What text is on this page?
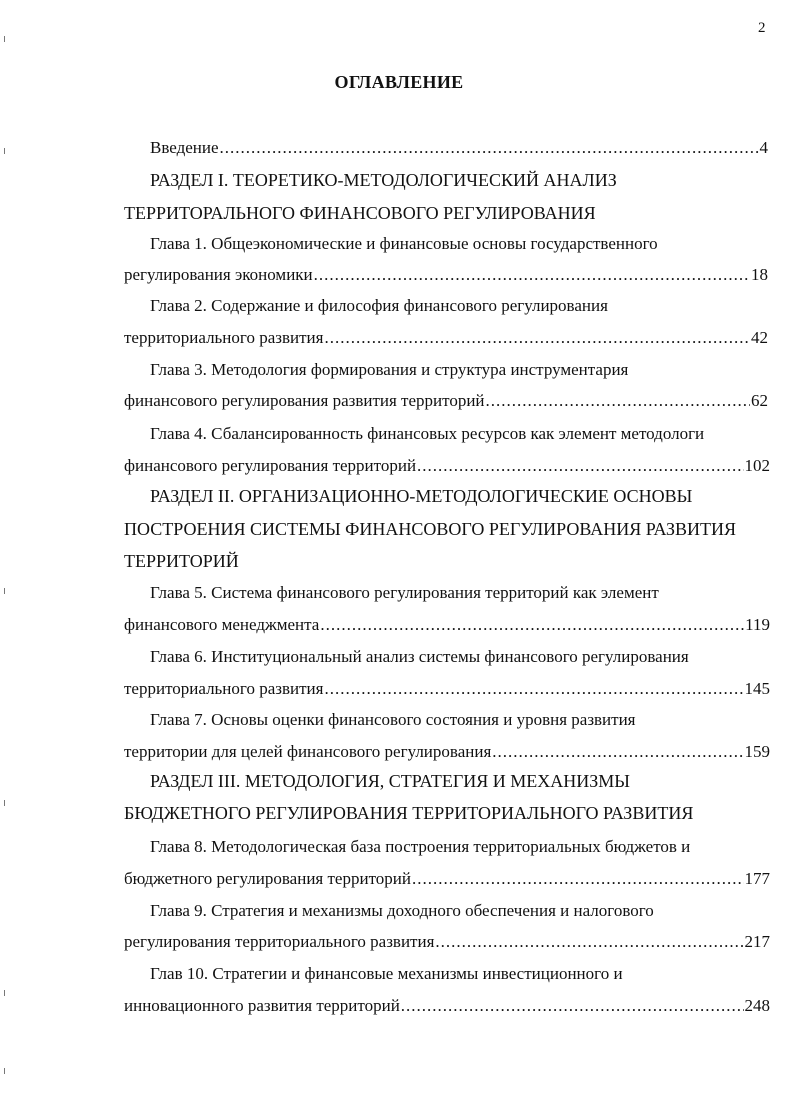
2
ОГЛАВЛЕНИЕ
Введение .....	4
РАЗДЕЛ I. ТЕОРЕТИКО-МЕТОДОЛОГИЧЕСКИЙ АНАЛИЗ
ТЕРРИТОРАЛЬНОГО ФИНАНСОВОГО РЕГУЛИРОВАНИЯ
Глава 1. Общеэкономические и финансовые основы государственного
регулирования экономики .....	18
Глава 2. Содержание и философия финансового регулирования
территориального развития .....	42
Глава 3. Методология формирования и структура инструментария
финансового регулирования развития территорий .....	62
Глава 4. Сбалансированность финансовых ресурсов как элемент методологи
финансового регулирования территорий .....	102
РАЗДЕЛ II. ОРГАНИЗАЦИОННО-МЕТОДОЛОГИЧЕСКИЕ ОСНОВЫ
ПОСТРОЕНИЯ СИСТЕМЫ ФИНАНСОВОГО РЕГУЛИРОВАНИЯ РАЗВИТИЯ
ТЕРРИТОРИЙ
Глава 5. Система финансового регулирования территорий как элемент
финансового менеджмента .....	119
Глава 6. Институциональный анализ системы финансового регулирования
территориального развития .....	145
Глава 7. Основы оценки финансового состояния и уровня развития
территории для целей финансового регулирования .....	159
РАЗДЕЛ III. МЕТОДОЛОГИЯ, СТРАТЕГИЯ И МЕХАНИЗМЫ
БЮДЖЕТНОГО РЕГУЛИРОВАНИЯ ТЕРРИТОРИАЛЬНОГО РАЗВИТИЯ
Глава 8. Методологическая база построения территориальных бюджетов и
бюджетного регулирования территорий .....	177
Глава 9. Стратегия и механизмы доходного обеспечения и налогового
регулирования территориального развития .....	217
Глав 10. Стратегии и финансовые механизмы инвестиционного и
инновационного развития территорий .....	248
